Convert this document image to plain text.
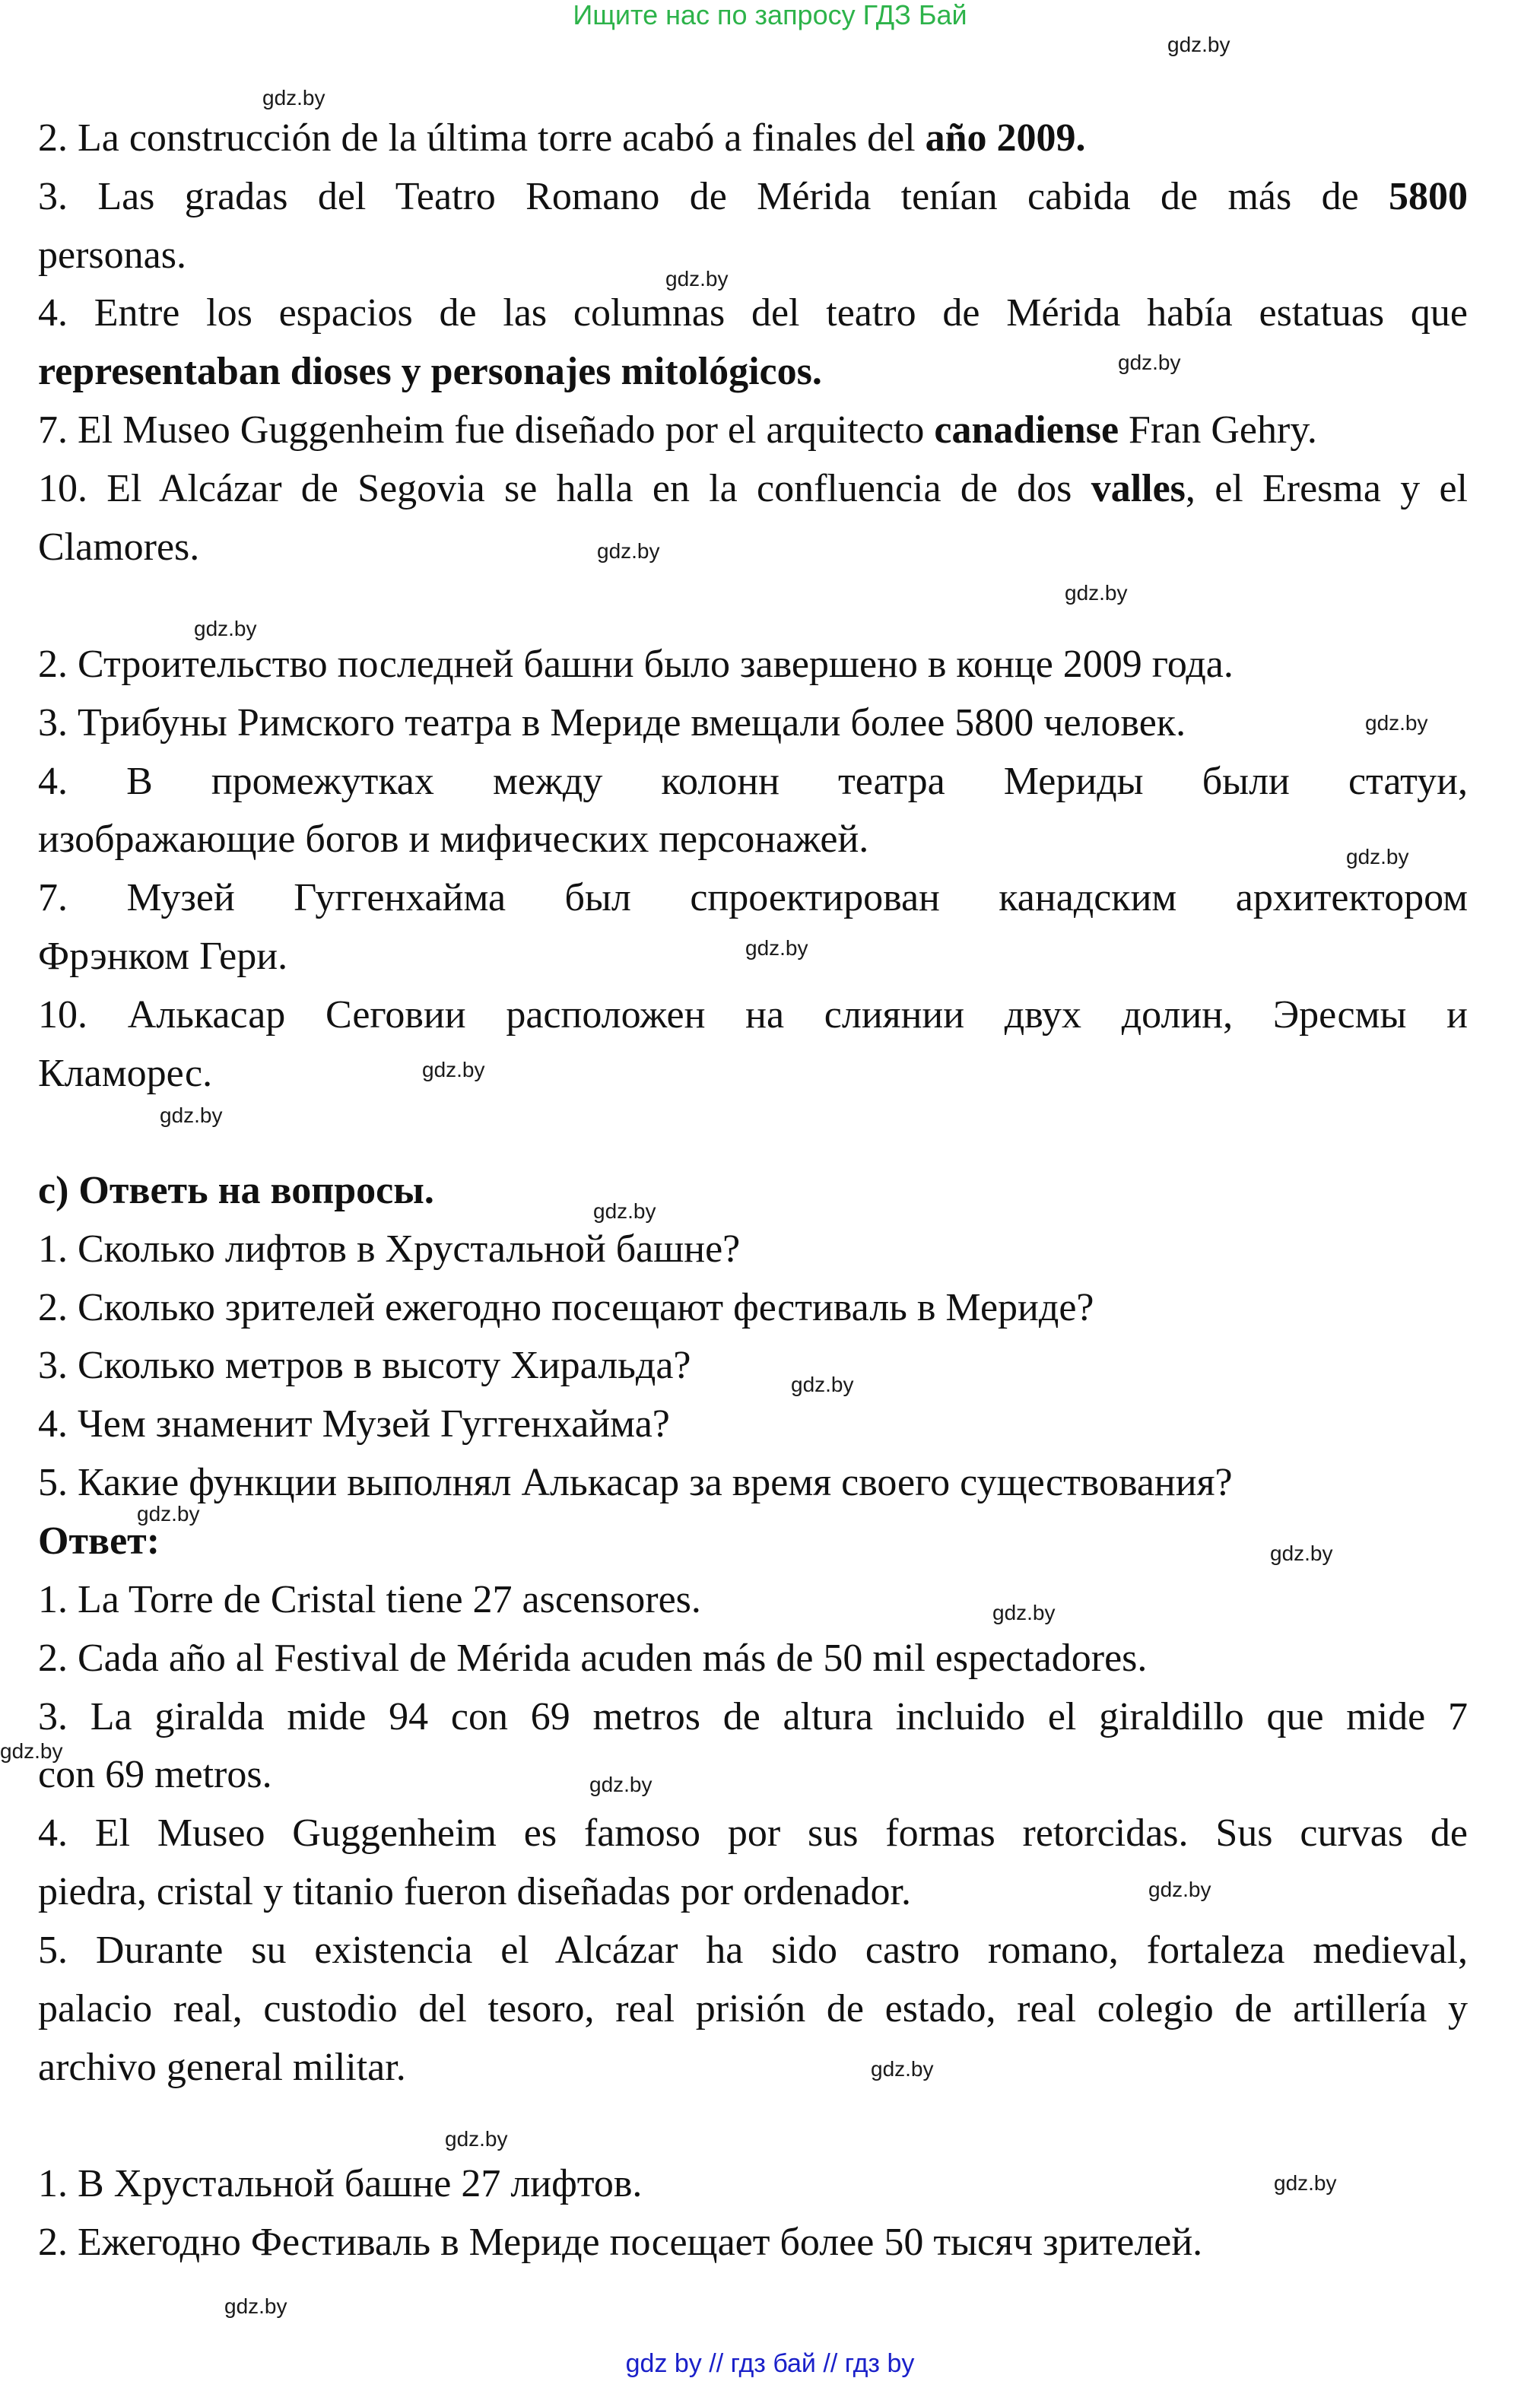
Ищите нас по запросу ГДЗ Бай
gdz.by
gdz.by
gdz.by
gdz.by
gdz.by
gdz.by
gdz.by
gdz.by
gdz.by
gdz.by
gdz.by
gdz.by
gdz.by
gdz.by
gdz.by
gdz.by
gdz.by
gdz.by
gdz.by
gdz.by
gdz.by
gdz.by
gdz.by
gdz.by
2. La construcción de la última torre acabó a finales del año 2009.
3. Las gradas del Teatro Romano de Mérida tenían cabida de más de 5800
personas.
4. Entre los espacios de las columnas del teatro de Mérida había estatuas que
representaban dioses y personajes mitológicos.
7. El Museo Guggenheim fue diseñado por el arquitecto canadiense Fran Gehry.
10. El Alcázar de Segovia se halla en la confluencia de dos valles, el Eresma y el
Clamores.
2. Строительство последней башни было завершено в конце 2009 года.
3. Трибуны Римского театра в Мериде вмещали более 5800 человек.
4. В промежутках между колонн театра Мериды были статуи,
изображающие богов и мифических персонажей.
7. Музей Гуггенхайма был спроектирован канадским архитектором
Фрэнком Гери.
10. Алькасар Сеговии расположен на слиянии двух долин, Эресмы и
Кламорес.
с) Ответь на вопросы.
1. Сколько лифтов в Хрустальной башне?
2. Сколько зрителей ежегодно посещают фестиваль в Мериде?
3. Сколько метров в высоту Хиральда?
4. Чем знаменит Музей Гуггенхайма?
5. Какие функции выполнял Алькасар за время своего существования?
Ответ:
1. La Torre de Cristal tiene 27 ascensores.
2. Cada año al Festival de Mérida acuden más de 50 mil espectadores.
3. La giralda mide 94 con 69 metros de altura incluido el giraldillo que mide 7
con 69 metros.
4. El Museo Guggenheim es famoso por sus formas retorcidas. Sus curvas de
piedra, cristal y titanio fueron diseñadas por ordenador.
5. Durante su existencia el Alcázar ha sido castro romano, fortaleza medieval,
palacio real, custodio del tesoro, real prisión de estado, real colegio de artillería y
archivo general militar.
1. В Хрустальной башне 27 лифтов.
2. Ежегодно Фестиваль в Мериде посещает более 50 тысяч зрителей.
gdz by // гдз бай // гдз by
